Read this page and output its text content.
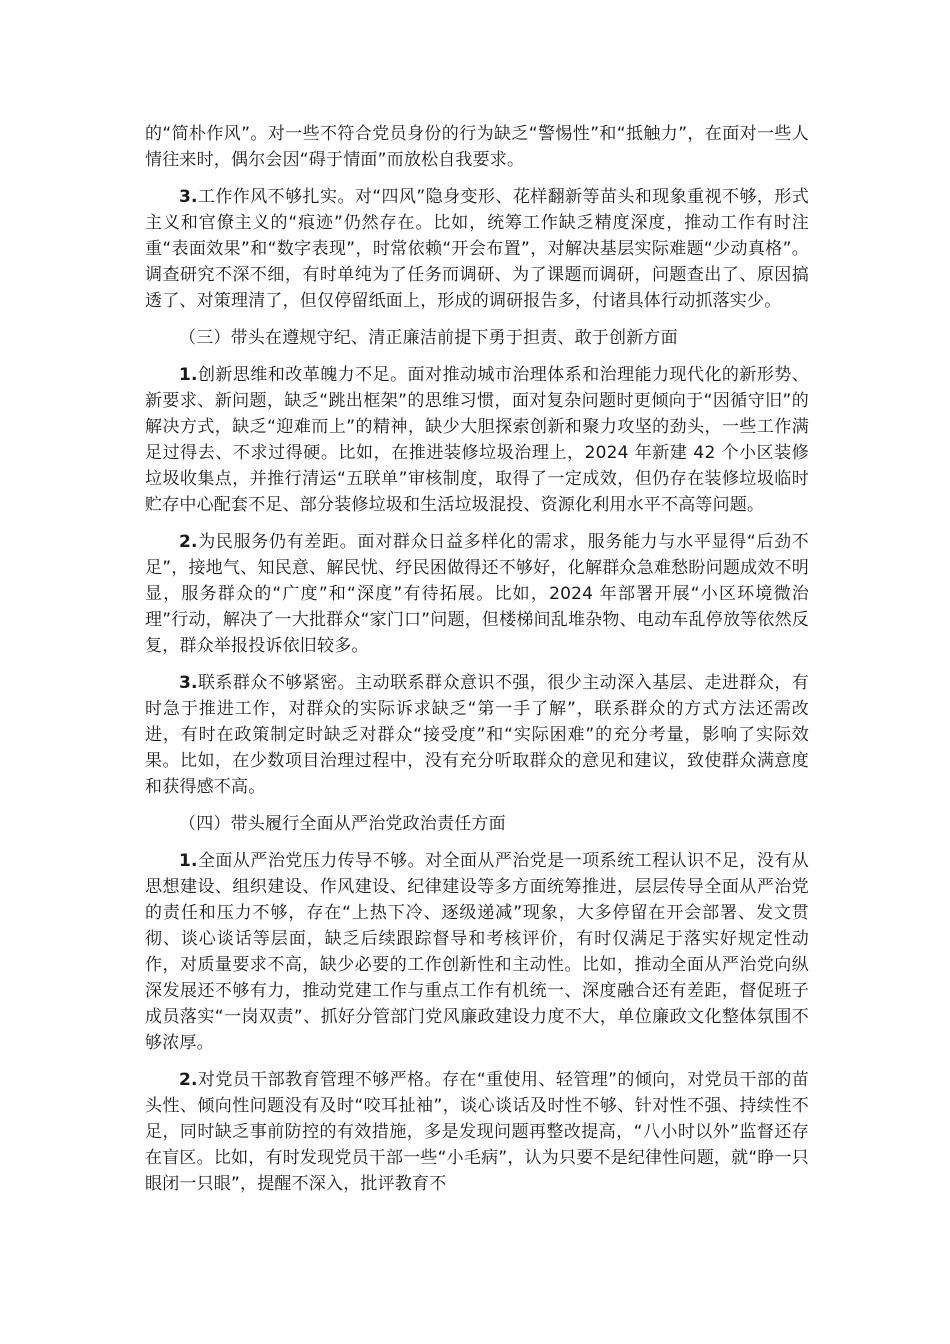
的“简朴作风”。对一些不符合党员身份的行为缺乏“警惕性”和“抵触力”，在面对一些人情往来时，偶尔会因“碍于情面”而放松自我要求。

3.工作作风不够扎实。对“四风”隐身变形、花样翻新等苗头和现象重视不够，形式主义和官僚主义的“痕迹”仍然存在。比如，统筹工作缺乏精度深度，推动工作有时注重“表面效果”和“数字表现”，时常依赖“开会布置”，对解决基层实际难题“少动真格”。调查研究不深不细，有时单纯为了任务而调研、为了课题而调研，问题查出了、原因搞透了、对策理清了，但仅停留纸面上，形成的调研报告多，付诸具体行动抓落实少。

（三）带头在遵规守纪、清正廉洁前提下勇于担责、敢于创新方面

1.创新思维和改革魄力不足。面对推动城市治理体系和治理能力现代化的新形势、新要求、新问题，缺乏“跳出框架”的思维习惯，面对复杂问题时更倾向于“因循守旧”的解决方式，缺乏“迎难而上”的精神，缺少大胆探索创新和聚力攻坚的劲头，一些工作满足过得去、不求过得硬。比如，在推进装修垃圾治理上，2024 年新建 42 个小区装修垃圾收集点，并推行清运“五联单”审核制度，取得了一定成效，但仍存在装修垃圾临时贮存中心配套不足、部分装修垃圾和生活垃圾混投、资源化利用水平不高等问题。

2.为民服务仍有差距。面对群众日益多样化的需求，服务能力与水平显得“后劲不足”，接地气、知民意、解民忧、纾民困做得还不够好，化解群众急难愁盼问题成效不明显，服务群众的“广度”和“深度”有待拓展。比如，2024 年部署开展“小区环境微治理”行动，解决了一大批群众“家门口”问题，但楼梯间乱堆杂物、电动车乱停放等依然反复，群众举报投诉依旧较多。

3.联系群众不够紧密。主动联系群众意识不强，很少主动深入基层、走进群众，有时急于推进工作，对群众的实际诉求缺乏“第一手了解”，联系群众的方式方法还需改进，有时在政策制定时缺乏对群众“接受度”和“实际困难”的充分考量，影响了实际效果。比如，在少数项目治理过程中，没有充分听取群众的意见和建议，致使群众满意度和获得感不高。

（四）带头履行全面从严治党政治责任方面

1.全面从严治党压力传导不够。对全面从严治党是一项系统工程认识不足，没有从思想建设、组织建设、作风建设、纪律建设等多方面统筹推进，层层传导全面从严治党的责任和压力不够，存在“上热下冷、逐级递减”现象，大多停留在开会部署、发文贯彻、谈心谈话等层面，缺乏后续跟踪督导和考核评价，有时仅满足于落实好规定性动作，对质量要求不高，缺少必要的工作创新性和主动性。比如，推动全面从严治党向纵深发展还不够有力，推动党建工作与重点工作有机统一、深度融合还有差距，督促班子成员落实“一岗双责”、抓好分管部门党风廉政建设力度不大，单位廉政文化整体氛围不够浓厚。

2.对党员干部教育管理不够严格。存在“重使用、轻管理”的倾向，对党员干部的苗头性、倾向性问题没有及时“咬耳扯袖”，谈心谈话及时性不够、针对性不强、持续性不足，同时缺乏事前防控的有效措施，多是发现问题再整改提高，“八小时以外”监督还存在盲区。比如，有时发现党员干部一些“小毛病”，认为只要不是纪律性问题，就“睁一只眼闭一只眼”，提醒不深入，批评教育不
